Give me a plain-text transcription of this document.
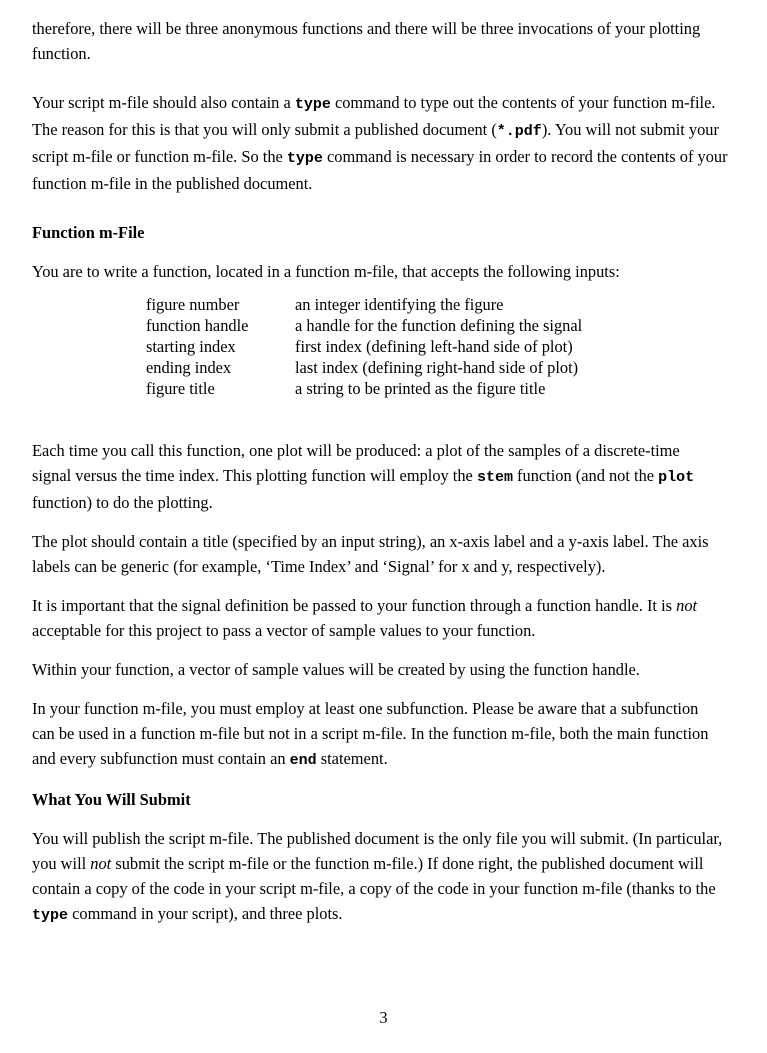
therefore, there will be three anonymous functions and there will be three invocations of your plotting function.

Your script m-file should also contain a type command to type out the contents of your function m-file. The reason for this is that you will only submit a published document (*.pdf). You will not submit your script m-file or function m-file. So the type command is necessary in order to record the contents of your function m-file in the published document.

Function m-File

You are to write a function, located in a function m-file, that accepts the following inputs:

figure number	an integer identifying the figure
function handle	a handle for the function defining the signal
starting index	first index (defining left-hand side of plot)
ending index	last index (defining right-hand side of plot)
figure title	a string to be printed as the figure title

Each time you call this function, one plot will be produced: a plot of the samples of a discrete-time signal versus the time index. This plotting function will employ the stem function (and not the plot function) to do the plotting.

The plot should contain a title (specified by an input string), an x-axis label and a y-axis label. The axis labels can be generic (for example, ‘Time Index’ and ‘Signal’ for x and y, respectively).

It is important that the signal definition be passed to your function through a function handle. It is not acceptable for this project to pass a vector of sample values to your function.

Within your function, a vector of sample values will be created by using the function handle.

In your function m-file, you must employ at least one subfunction. Please be aware that a subfunction can be used in a function m-file but not in a script m-file. In the function m-file, both the main function and every subfunction must contain an end statement.

What You Will Submit

You will publish the script m-file. The published document is the only file you will submit. (In particular, you will not submit the script m-file or the function m-file.) If done right, the published document will contain a copy of the code in your script m-file, a copy of the code in your function m-file (thanks to the type command in your script), and three plots.

3
